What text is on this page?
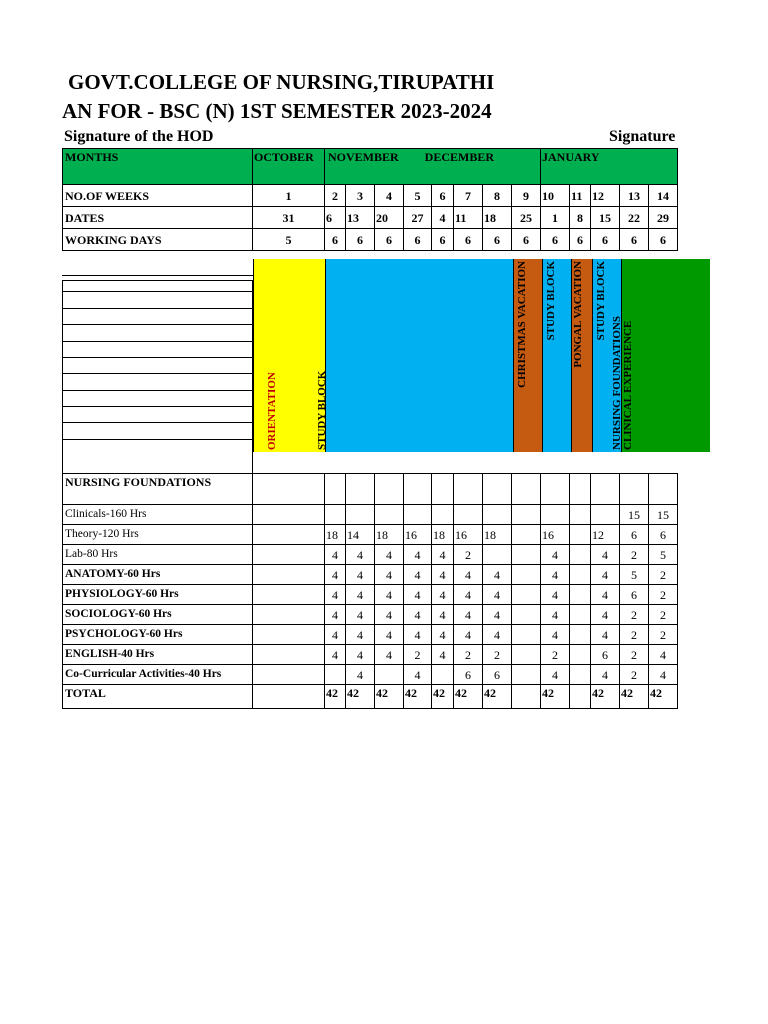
GOVT.COLLEGE OF NURSING,TIRUPATHI
AN FOR - BSC (N) 1ST SEMESTER 2023-2024
Signature of the HOD	Signature
MONTHS	OCTOBER	NOVEMBER DECEMBER								JANUARY				
NO.OF WEEKS	1	2	3	4	5	6	7	8	9	10	11	12	13	14
DATES	31	6	13	20	27	4	11	18	25	1	8	15	22	29
WORKING DAYS	5	6	6	6	6	6	6	6	6	6	6	6	6	6

NURSING FOUNDATIONS														
Clinicals-160 Hrs													15	15
Theory-120 Hrs		18	14	18	16	18	16	18		16		12	6	6
Lab-80 Hrs		4	4	4	4	4	2			4		4	2	5
ANATOMY-60 Hrs		4	4	4	4	4	4	4		4		4	5	2
PHYSIOLOGY-60 Hrs		4	4	4	4	4	4	4		4		4	6	2
SOCIOLOGY-60 Hrs		4	4	4	4	4	4	4		4		4	2	2
PSYCHOLOGY-60 Hrs		4	4	4	4	4	4	4		4		4	2	2
ENGLISH-40 Hrs		4	4	4	2	4	2	2		2		6	2	4
Co-Curricular Activities-40 Hrs			4		4		6	6		4		4	2	4
TOTAL		42	42	42	42	42	42	42		42		42	42	42
ORIENTATION	STUDY BLOCK
CHRISTMAS VACATION STUDY BLOCK PONGAL VACATION STUDY BLOCK
NURSING FOUNDATIONS CLINICAL EXPERIENCE
